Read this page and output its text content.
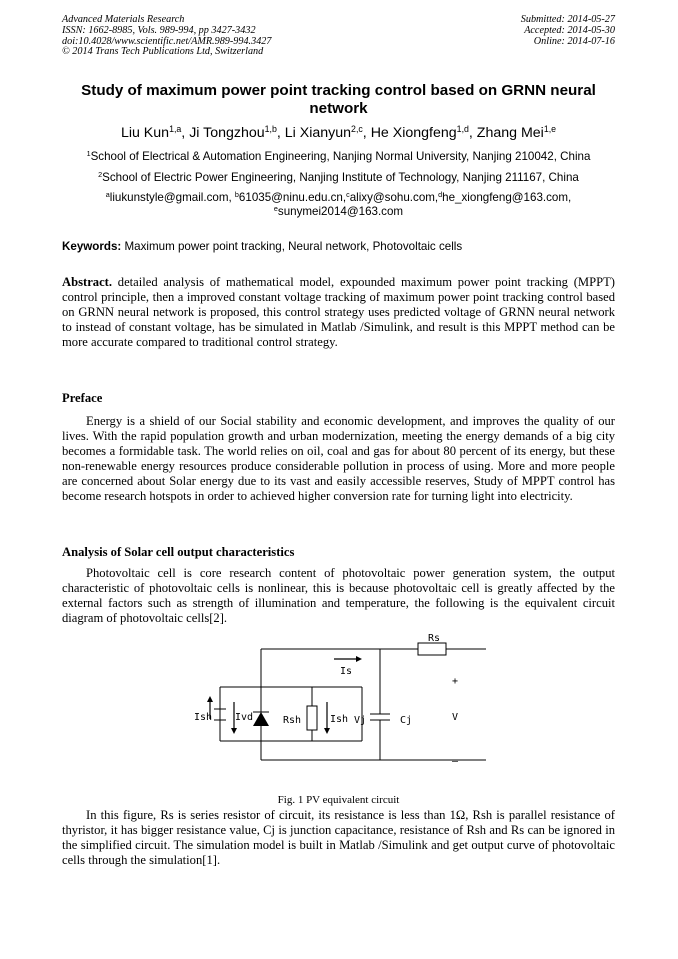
Advanced Materials Research
ISSN: 1662-8985, Vols. 989-994, pp 3427-3432
doi:10.4028/www.scientific.net/AMR.989-994.3427
© 2014 Trans Tech Publications Ltd, Switzerland
Submitted: 2014-05-27
Accepted: 2014-05-30
Online: 2014-07-16
Study of maximum power point tracking control based on GRNN neural network
Liu Kun$^{1,a}$, Ji Tongzhou$^{1,b}$, Li Xianyun$^{2,c}$, He Xiongfeng$^{1,d}$, Zhang Mei$^{1,e}$
$^1$School of Electrical & Automation Engineering, Nanjing Normal University, Nanjing 210042, China
$^2$School of Electric Power Engineering, Nanjing Institute of Technology, Nanjing 211167, China
$^a$liukunstyle@gmail.com, $^b$61035@ninu.edu.cn,$^c$alixy@sohu.com,$^d$he_xiongfeng@163.com,
$^e$sunymei2014@163.com
Keywords: Maximum power point tracking, Neural network, Photovoltaic cells
Abstract. detailed analysis of mathematical model, expounded maximum power point tracking (MPPT) control principle, then a improved constant voltage tracking of maximum power point tracking control based on GRNN neural network is proposed, this control strategy uses predicted voltage of GRNN neural network to instead of constant voltage, has be simulated in Matlab /Simulink, and result is this MPPT method can be more accurate compared to traditional control strategy.
Preface
Energy is a shield of our Social stability and economic development, and improves the quality of our lives. With the rapid population growth and urban modernization, meeting the energy demands of a big city becomes a formidable task. The world relies on oil, coal and gas for about 80 percent of its energy, but these non-renewable energy resources produce considerable pollution in process of using. More and more people are concerned about Solar energy due to its vast and easily accessible reserves, Study of MPPT control has become research hotspots in order to achieved higher conversion rate for turning light into electricity.
Analysis of Solar cell output characteristics
Photovoltaic cell is core research content of photovoltaic power generation system, the output characteristic of photovoltaic cells is nonlinear, this is because photovoltaic cell is greatly affected by the external factors such as strength of illumination and temperature, the following is the equivalent circuit diagram of photovoltaic cells[2].
Rs
Is
+
V
–
Ish Ivd	Rsh	Ish Vj	Cj
Fig. 1 PV equivalent circuit
In this figure, Rs is series resistor of circuit, its resistance is less than 1Ω, Rsh is parallel resistance of thyristor, it has bigger resistance value, Cj is junction capacitance, resistance of Rsh and Rs can be ignored in the simplified circuit. The simulation model is built in Matlab /Simulink and get output curve of photovoltaic cells through the simulation[1].
